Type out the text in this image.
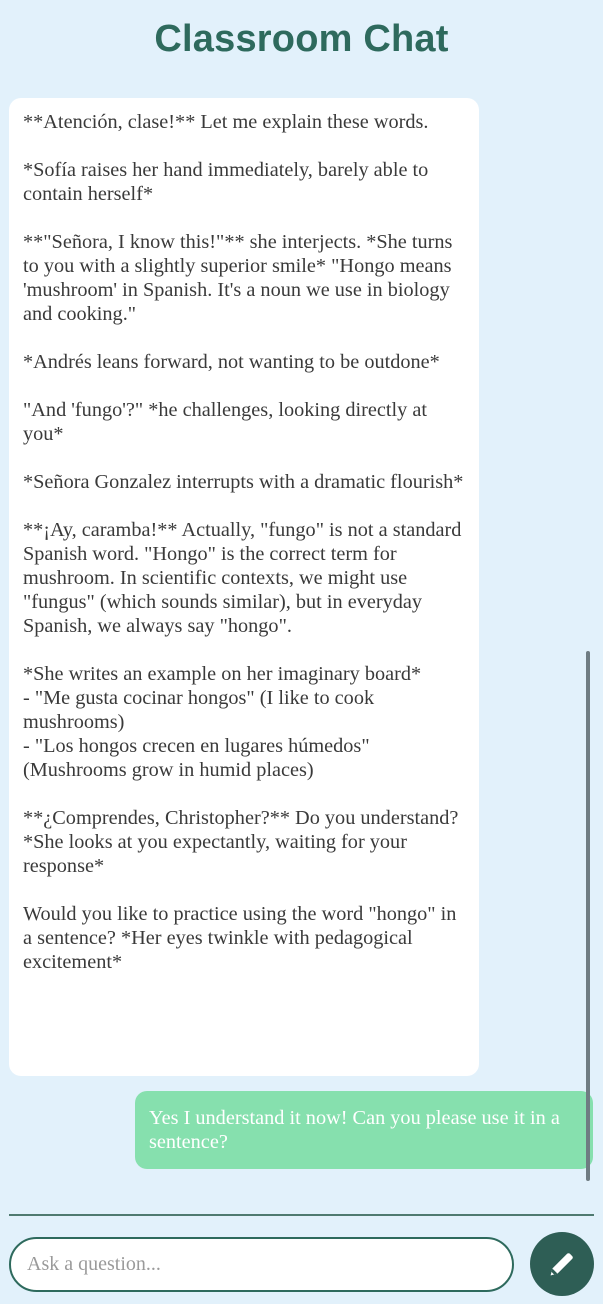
Classroom Chat

**Atención, clase!** Let me explain these words.

*Sofía raises her hand immediately, barely able to contain herself*

**"Señora, I know this!"** she interjects. *She turns to you with a slightly superior smile* "Hongo means 'mushroom' in Spanish. It's a noun we use in biology and cooking."

*Andrés leans forward, not wanting to be outdone*

"And 'fungo'?" *he challenges, looking directly at you*

*Señora Gonzalez interrupts with a dramatic flourish*

**¡Ay, caramba!** Actually, "fungo" is not a standard Spanish word. "Hongo" is the correct term for mushroom. In scientific contexts, we might use "fungus" (which sounds similar), but in everyday Spanish, we always say "hongo".

*She writes an example on her imaginary board*
- "Me gusta cocinar hongos" (I like to cook mushrooms)
- "Los hongos crecen en lugares húmedos" (Mushrooms grow in humid places)

**¿Comprendes, Christopher?** Do you understand? *She looks at you expectantly, waiting for your response*

Would you like to practice using the word "hongo" in a sentence? *Her eyes twinkle with pedagogical excitement*

Yes I understand it now! Can you please use it in a sentence?
Ask a question...
